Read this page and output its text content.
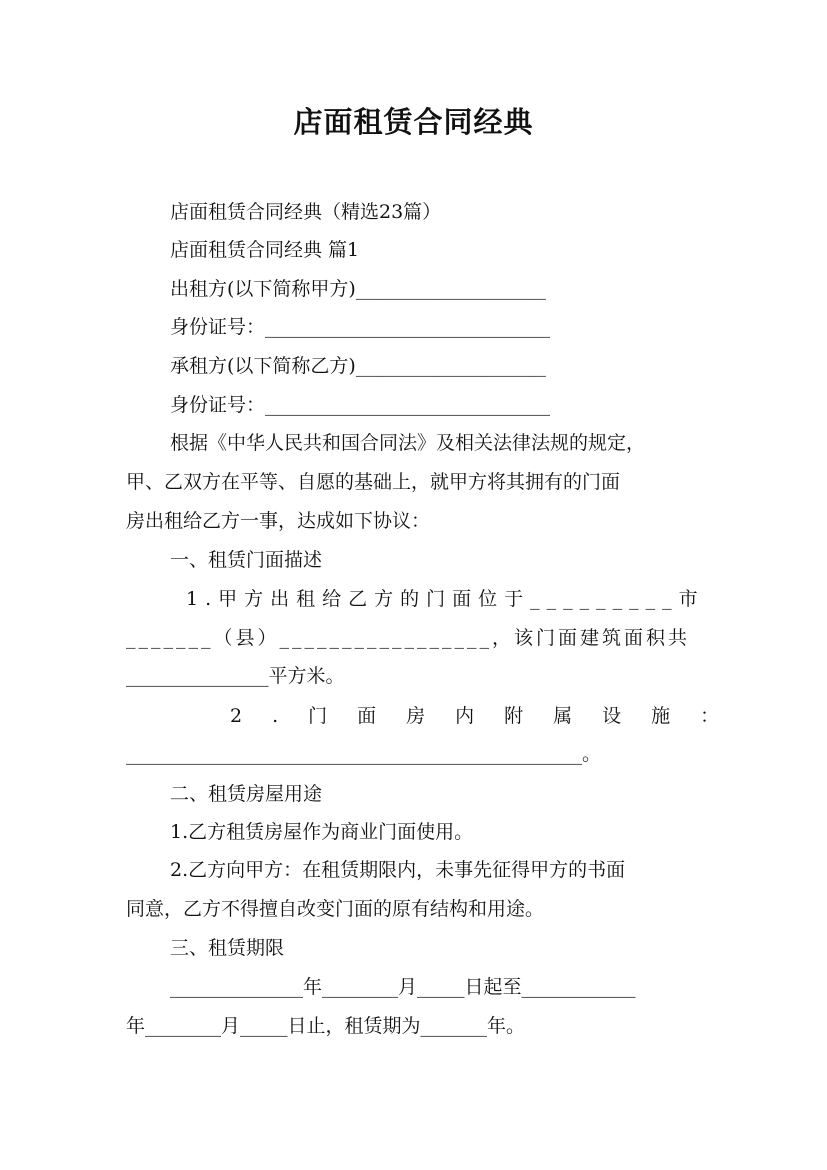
店面租赁合同经典
店面租赁合同经典（精选23篇）
店面租赁合同经典 篇1
出租方(以下简称甲方)____________________
身份证号：______________________________
承租方(以下简称乙方)____________________
身份证号：______________________________
根据《中华人民共和国合同法》及相关法律法规的规定，
甲、乙双方在平等、自愿的基础上，就甲方将其拥有的门面
房出租给乙方一事，达成如下协议：
一、租赁门面描述
1.甲方出租给乙方的门面位于_________市
_______（县）_________________，该门面建筑面积共
_______________平方米。
2.门面房内附属设施：
________________________________________________。
二、租赁房屋用途
1.乙方租赁房屋作为商业门面使用。
2.乙方向甲方：在租赁期限内，未事先征得甲方的书面
同意，乙方不得擅自改变门面的原有结构和用途。
三、租赁期限
______________年________月_____日起至____________
年________月_____日止，租赁期为_______年。
